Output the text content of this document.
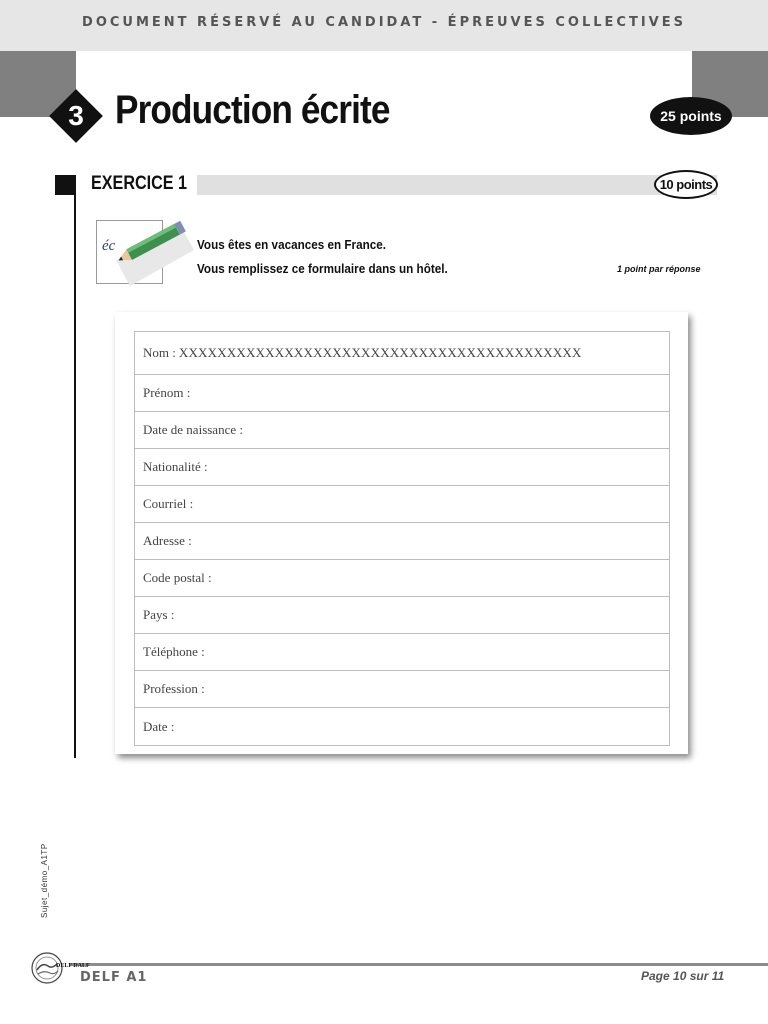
DOCUMENT RÉSERVÉ AU CANDIDAT - ÉPREUVES COLLECTIVES
3 Production écrite	25 points
EXERCICE 1	10 points
éc	Vous êtes en vacances en France.
Vous remplissez ce formulaire dans un hôtel.	1 point par réponse
Nom : XXXXXXXXXXXXXXXXXXXXXXXXXXXXXXXXXXXXXXXXXX
Prénom :
Date de naissance :
Nationalité :
Courriel :
Adresse :
Code postal :
Pays :
Téléphone :
Profession :
Date :
Sujet_démo_A1TP
DELF DALF
DELF A1	Page 10 sur 11
